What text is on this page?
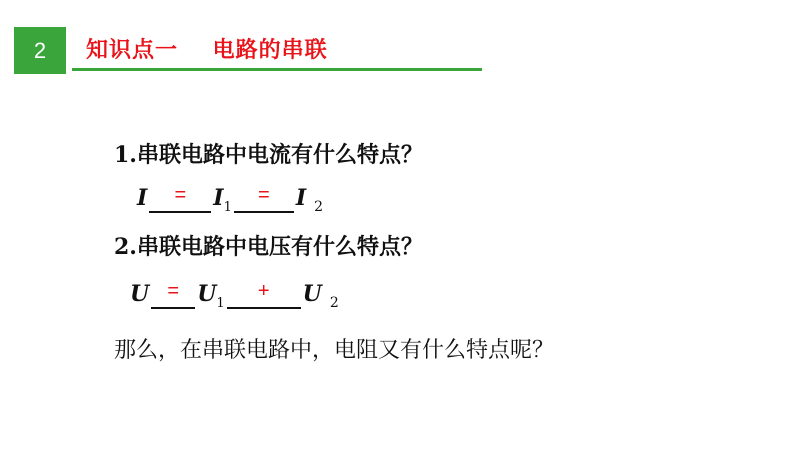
2 知识点一    电路的串联
1.串联电路中电流有什么特点？
$I = I_1= I$ $_2$
2.串联电路中电压有什么特点？
$U = U_1+ U$ $_2$
那么，在串联电路中，电阻又有什么特点呢？
